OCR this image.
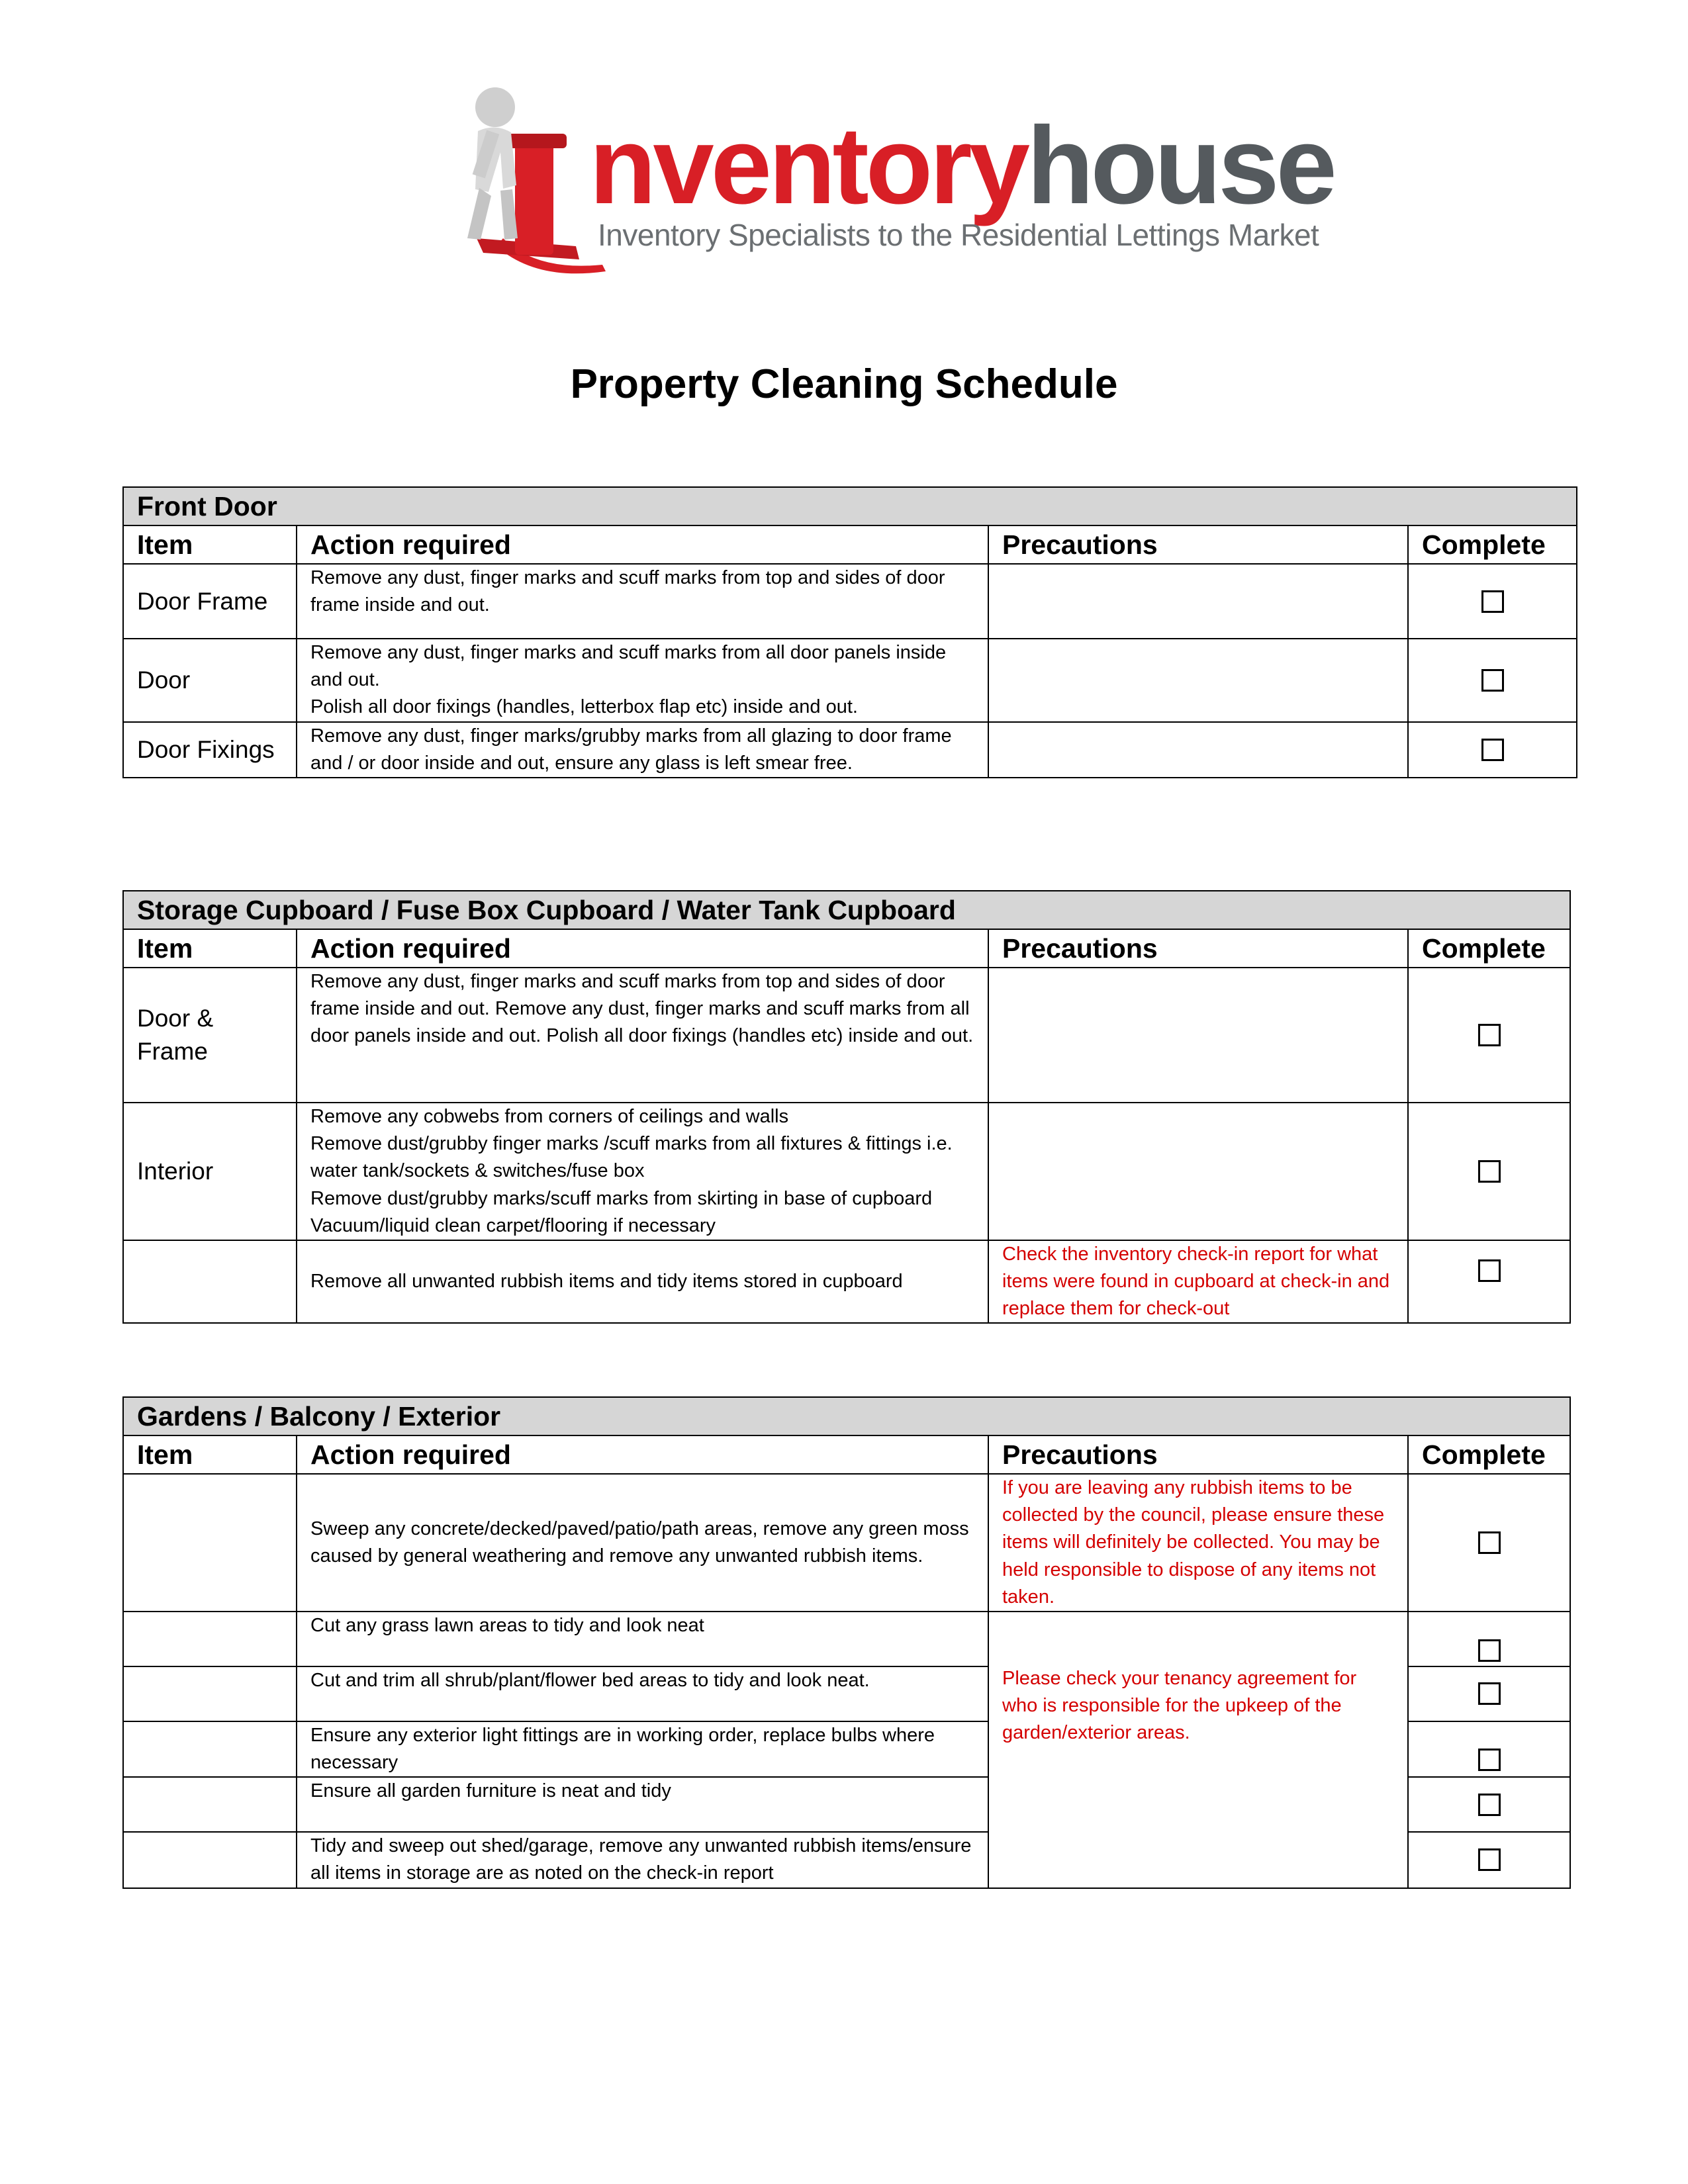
nventoryhouse
Inventory Specialists to the Residential Lettings Market
Property Cleaning Schedule
Front Door			
Item	Action required	Precautions	Complete
Door Frame	Remove any dust, finger marks and scuff marks from top and sides of door frame inside and out.		
Door	Remove any dust, finger marks and scuff marks from all door panels inside and out.
Polish all door fixings (handles, letterbox flap etc) inside and out.		
Door Fixings	Remove any dust, finger marks/grubby marks from all glazing to door frame and / or door inside and out, ensure any glass is left smear free.		
Storage Cupboard / Fuse Box Cupboard / Water Tank Cupboard			
Item	Action required	Precautions	Complete
Door &
Frame	Remove any dust, finger marks and scuff marks from top and sides of door frame inside and out. Remove any dust, finger marks and scuff marks from all door panels inside and out. Polish all door fixings (handles etc) inside and out.		
Interior	Remove any cobwebs from corners of ceilings and walls
Remove dust/grubby finger marks /scuff marks from all fixtures & fittings i.e. water tank/sockets & switches/fuse box
Remove dust/grubby marks/scuff marks from skirting in base of cupboard
Vacuum/liquid clean carpet/flooring if necessary		
	Remove all unwanted rubbish items and tidy items stored in cupboard	Check the inventory check-in report for what items were found in cupboard at check-in and replace them for check-out	
Gardens / Balcony / Exterior			
Item	Action required	Precautions	Complete
	Sweep any concrete/decked/paved/patio/path areas, remove any green moss caused by general weathering and remove any unwanted rubbish items.	If you are leaving any rubbish items to be collected by the council, please ensure these items will definitely be collected. You may be held responsible to dispose of any items not taken.	
	Cut any grass lawn areas to tidy and look neat	Please check your tenancy agreement for who is responsible for the upkeep of the garden/exterior areas.	
	Cut and trim all shrub/plant/flower bed areas to tidy and look neat.		
	Ensure any exterior light fittings are in working order, replace bulbs where necessary		
	Ensure all garden furniture is neat and tidy		
	Tidy and sweep out shed/garage, remove any unwanted rubbish items/ensure all items in storage are as noted on the check-in report		
